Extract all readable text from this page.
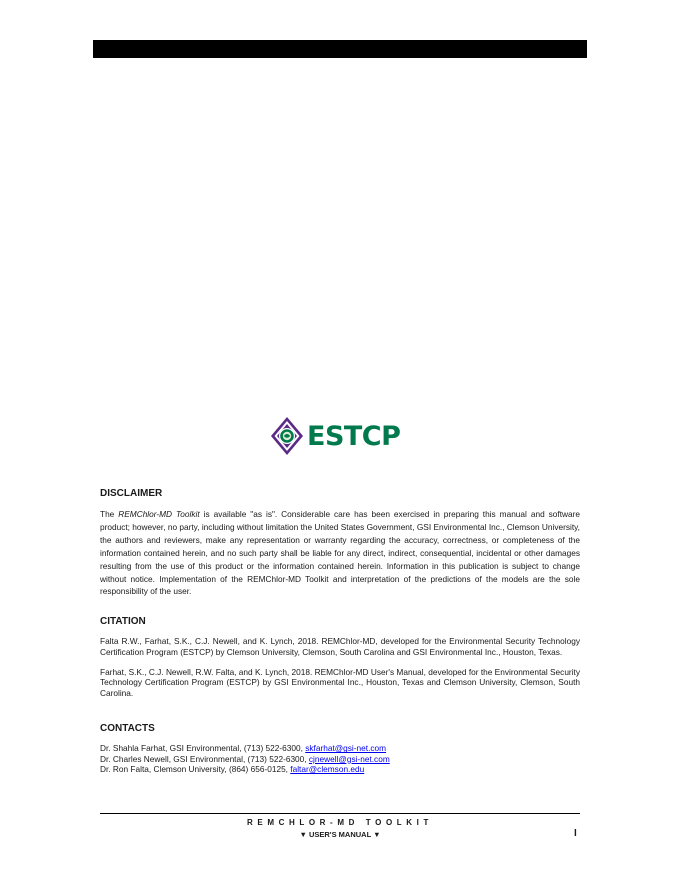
ESTCP
DISCLAIMER

The REMChlor-MD Toolkit is available "as is". Considerable care has been exercised in preparing this manual and software product; however, no party, including without limitation the United States Government, GSI Environmental Inc., Clemson University, the authors and reviewers, make any representation or warranty regarding the accuracy, correctness, or completeness of the information contained herein, and no such party shall be liable for any direct, indirect, consequential, incidental or other damages resulting from the use of this product or the information contained herein. Information in this publication is subject to change without notice. Implementation of the REMChlor-MD Toolkit and interpretation of the predictions of the models are the sole responsibility of the user.

CITATION

Falta R.W., Farhat, S.K., C.J. Newell, and K. Lynch, 2018. REMChlor-MD, developed for the Environmental Security Technology Certification Program (ESTCP) by Clemson University, Clemson, South Carolina and GSI Environmental Inc., Houston, Texas.

Farhat, S.K., C.J. Newell, R.W. Falta, and K. Lynch, 2018. REMChlor-MD User's Manual, developed for the Environmental Security Technology Certification Program (ESTCP) by GSI Environmental Inc., Houston, Texas and Clemson University, Clemson, South Carolina.

CONTACTS
Dr. Shahla Farhat, GSI Environmental, (713) 522-6300, skfarhat@gsi-net.com
Dr. Charles Newell, GSI Environmental, (713) 522-6300, cjnewell@gsi-net.com
Dr. Ron Falta, Clemson University, (864) 656-0125, faltar@clemson.edu
REMCHLOR-MD TOOLKIT
▼ USER'S MANUAL ▼	I
